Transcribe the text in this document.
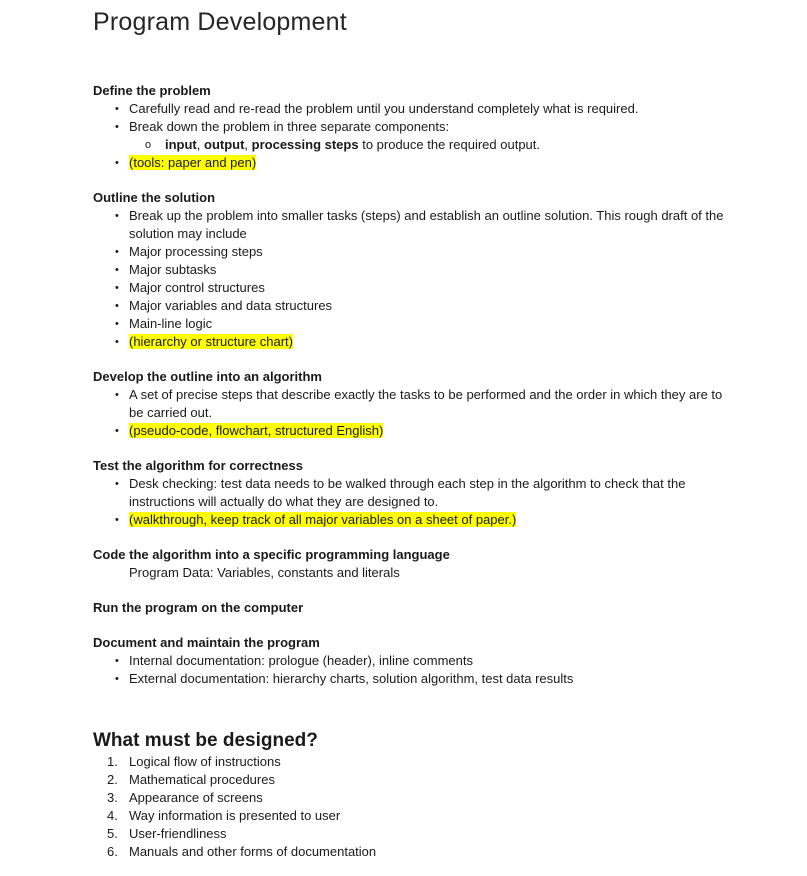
Program Development

Define the problem

• Carefully read and re-read the problem until you understand completely what is required.
• Break down the problem in three separate components:
o input, output, processing steps to produce the required output.
• (tools: paper and pen)

Outline the solution

• Break up the problem into smaller tasks (steps) and establish an outline solution. This rough draft of the solution may include
• Major processing steps
• Major subtasks
• Major control structures
• Major variables and data structures
• Main-line logic
• (hierarchy or structure chart)

Develop the outline into an algorithm

• A set of precise steps that describe exactly the tasks to be performed and the order in which they are to be carried out.
• (pseudo-code, flowchart, structured English)

Test the algorithm for correctness

• Desk checking: test data needs to be walked through each step in the algorithm to check that the instructions will actually do what they are designed to.
• (walkthrough, keep track of all major variables on a sheet of paper.)

Code the algorithm into a specific programming language

Program Data: Variables, constants and literals

Run the program on the computer

Document and maintain the program

• Internal documentation: prologue (header), inline comments
• External documentation: hierarchy charts, solution algorithm, test data results
What must be designed?
1. Logical flow of instructions
2. Mathematical procedures
3. Appearance of screens
4. Way information is presented to user
5. User-friendliness
6. Manuals and other forms of documentation
